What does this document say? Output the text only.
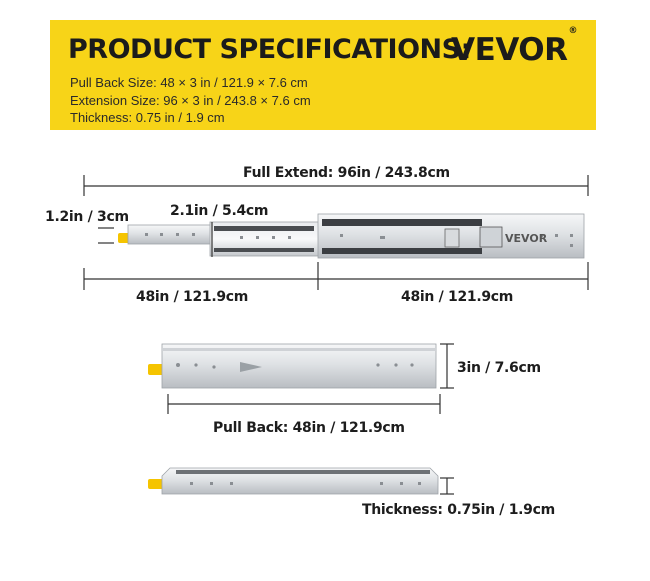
PRODUCT SPECIFICATIONS:
VEVOR®
Pull Back Size: 48 × 3 in / 121.9 × 7.6 cm
Extension Size: 96 × 3 in / 243.8 × 7.6 cm
Thickness: 0.75 in / 1.9 cm
VEVOR
Full Extend: 96in / 243.8cm
1.2in / 3cm	2.1in / 5.4cm
48in / 121.9cm	48in / 121.9cm
3in / 7.6cm
Pull Back: 48in / 121.9cm
Thickness: 0.75in / 1.9cm
